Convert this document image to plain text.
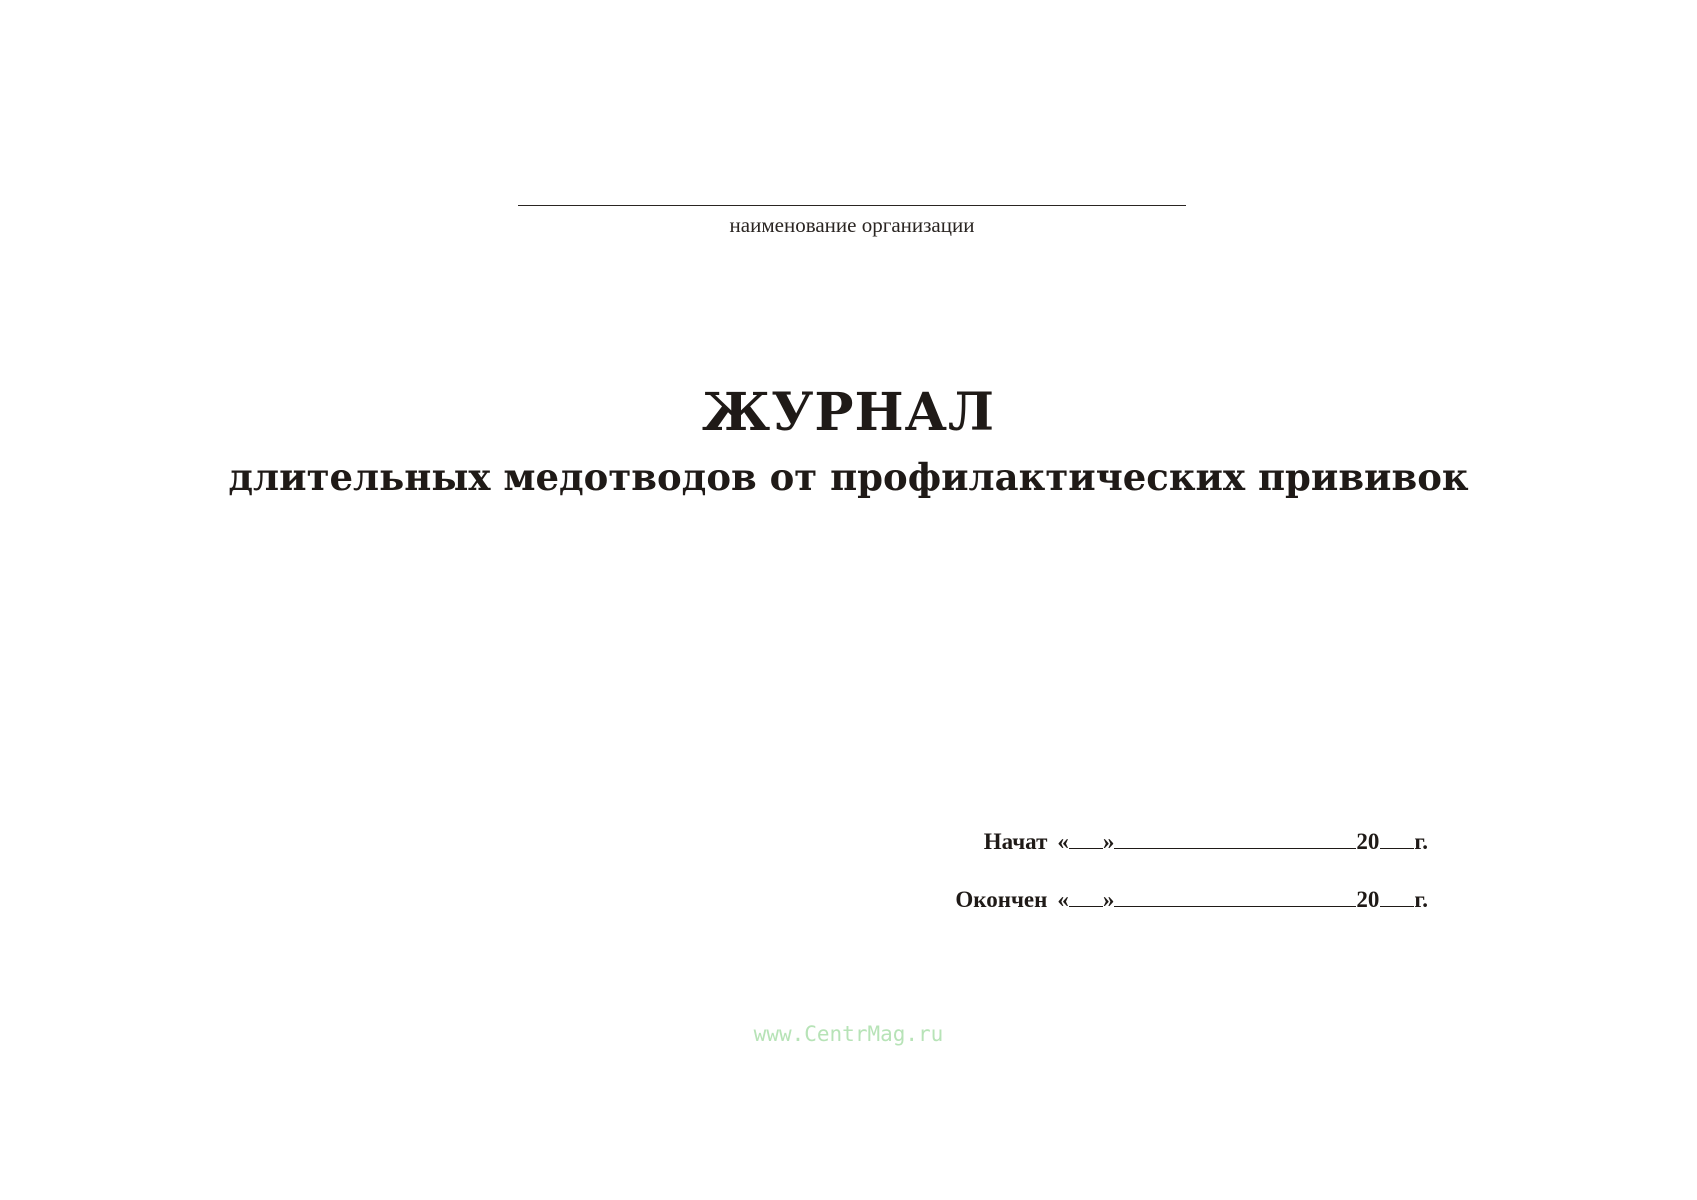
наименование организации
ЖУРНАЛ
длительных медотводов от профилактических прививок
Начат « »	20 г.
Окончен « »	20 г.
www.CentrMag.ru
